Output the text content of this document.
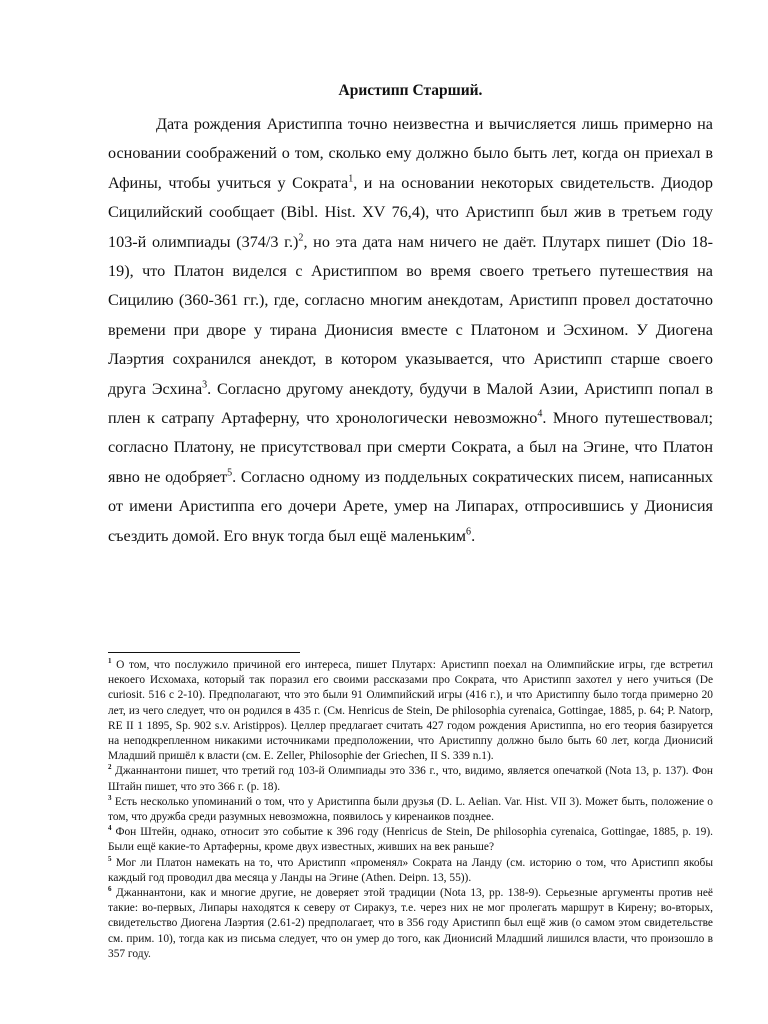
Аристипп Старший.

Дата рождения Аристиппа точно неизвестна и вычисляется лишь примерно на основании соображений о том, сколько ему должно было быть лет, когда он приехал в Афины, чтобы учиться у Сократа$^1$, и на основании некоторых свидетельств. Диодор Сицилийский сообщает (Bibl. Hist. XV 76,4), что Аристипп был жив в третьем году 103-й олимпиады (374/3 г.)$^2$, но эта дата нам ничего не даёт. Плутарх пишет (Dio 18-19), что Платон виделся с Аристиппом во время своего третьего путешествия на Сицилию (360-361 гг.), где, согласно многим анекдотам, Аристипп провел достаточно времени при дворе у тирана Дионисия вместе с Платоном и Эсхином. У Диогена Лаэртия сохранился анекдот, в котором указывается, что Аристипп старше своего друга Эсхина$^3$. Согласно другому анекдоту, будучи в Малой Азии, Аристипп попал в плен к сатрапу Артаферну, что хронологически невозможно$^4$. Много путешествовал; согласно Платону, не присутствовал при смерти Сократа, а был на Эгине, что Платон явно не одобряет$^5$. Согласно одному из поддельных сократических писем, написанных от имени Аристиппа его дочери Арете, умер на Липарах, отпросившись у Дионисия съездить домой. Его внук тогда был ещё маленьким$^6$.

$^1$ О том, что послужило причиной его интереса, пишет Плутарх: Аристипп поехал на Олимпийские игры, где встретил некоего Исхомаха, который так поразил его своими рассказами про Сократа, что Аристипп захотел у него учиться (De curiosit. 516 c 2-10). Предполагают, что это были 91 Олимпийский игры (416 г.), и что Аристиппу было тогда примерно 20 лет, из чего следует, что он родился в 435 г. (См. Henricus de Stein, De philosophia cyrenaica, Gottingae, 1885, p. 64; P. Natorp, RE II 1 1895, Sp. 902 s.v. Aristippos). Целлер предлагает считать 427 годом рождения Аристиппа, но его теория базируется на неподкрепленном никакими источниками предположении, что Аристиппу должно было быть 60 лет, когда Дионисий Младший пришёл к власти (см. E. Zeller, Philosophie der Griechen, II S. 339 n.1).

$^2$ Джаннантони пишет, что третий год 103-й Олимпиады это 336 г., что, видимо, является опечаткой (Nota 13, p. 137). Фон Штайн пишет, что это 366 г. (p. 18).

$^3$ Есть несколько упоминаний о том, что у Аристиппа были друзья (D. L. Aelian. Var. Hist. VII 3). Может быть, положение о том, что дружба среди разумных невозможна, появилось у киренаиков позднее.

$^4$ Фон Штейн, однако, относит это событие к 396 году (Henricus de Stein, De philosophia cyrenaica, Gottingae, 1885, p. 19). Были ещё какие-то Артаферны, кроме двух известных, живших на век раньше?

$^5$ Мог ли Платон намекать на то, что Аристипп «променял» Сократа на Ланду (см. историю о том, что Аристипп якобы каждый год проводил два месяца у Ланды на Эгине (Athen. Deipn. 13, 55)).

$^6$ Джаннантони, как и многие другие, не доверяет этой традиции (Nota 13, pp. 138-9). Серьезные аргументы против неё такие: во-первых, Липары находятся к северу от Сиракуз, т.е. через них не мог пролегать маршрут в Кирену; во-вторых, свидетельство Диогена Лаэртия (2.61-2) предполагает, что в 356 году Аристипп был ещё жив (о самом этом свидетельстве см. прим. 10), тогда как из письма следует, что он умер до того, как Дионисий Младший лишился власти, что произошло в 357 году.
